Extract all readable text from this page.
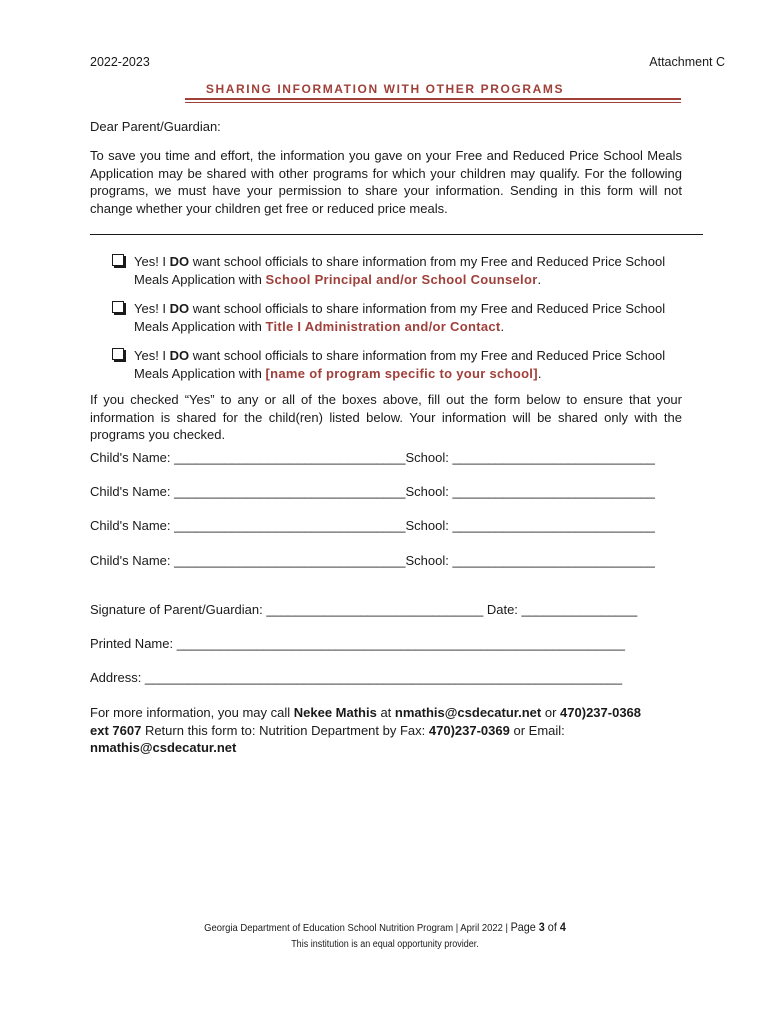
2022-2023	Attachment C
SHARING INFORMATION WITH OTHER PROGRAMS
Dear Parent/Guardian:
To save you time and effort, the information you gave on your Free and Reduced Price School Meals Application may be shared with other programs for which your children may qualify. For the following programs, we must have your permission to share your information. Sending in this form will not change whether your children get free or reduced price meals.
Yes! I DO want school officials to share information from my Free and Reduced Price School Meals Application with School Principal and/or School Counselor.
Yes! I DO want school officials to share information from my Free and Reduced Price School Meals Application with Title I Administration and/or Contact.
Yes! I DO want school officials to share information from my Free and Reduced Price School Meals Application with [name of program specific to your school].
If you checked “Yes” to any or all of the boxes above, fill out the form below to ensure that your information is shared for the child(ren) listed below. Your information will be shared only with the programs you checked.
Child's Name: ________________________________School: ____________________________
Child's Name: ________________________________School: ____________________________
Child's Name: ________________________________School: ____________________________
Child's Name: ________________________________School: ____________________________
Signature of Parent/Guardian: ______________________________ Date: ________________
Printed Name: ______________________________________________________________
Address: __________________________________________________________________
For more information, you may call Nekee Mathis at nmathis@csdecatur.net or 470)237-0368 ext 7607 Return this form to: Nutrition Department by Fax: 470)237-0369 or Email: nmathis@csdecatur.net
Georgia Department of Education School Nutrition Program | April 2022 | Page 3 of 4
This institution is an equal opportunity provider.
